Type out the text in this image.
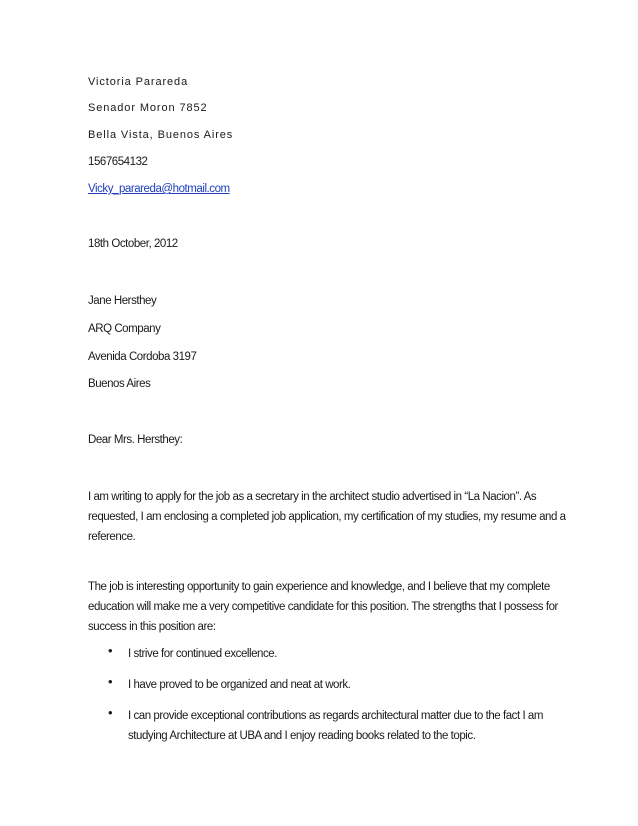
Victoria Parareda
Senador Moron 7852
Bella Vista, Buenos Aires
1567654132
Vicky_parareda@hotmail.com
18th October, 2012
Jane Hersthey
ARQ Company
Avenida Cordoba 3197
Buenos Aires
Dear Mrs. Hersthey:
I am writing to apply for the job as a secretary in the architect studio advertised in “La Nacion”. As
requested, I am enclosing a completed job application, my certification of my studies, my resume and a
reference.
The job is interesting opportunity to gain experience and knowledge, and I believe that my complete
education will make me a very competitive candidate for this position. The strengths that I possess for
success in this position are:
• I strive for continued excellence.
• I have proved to be organized and neat at work.
• I can provide exceptional contributions as regards architectural matter due to the fact I am
studying Architecture at UBA and I enjoy reading books related to the topic.
